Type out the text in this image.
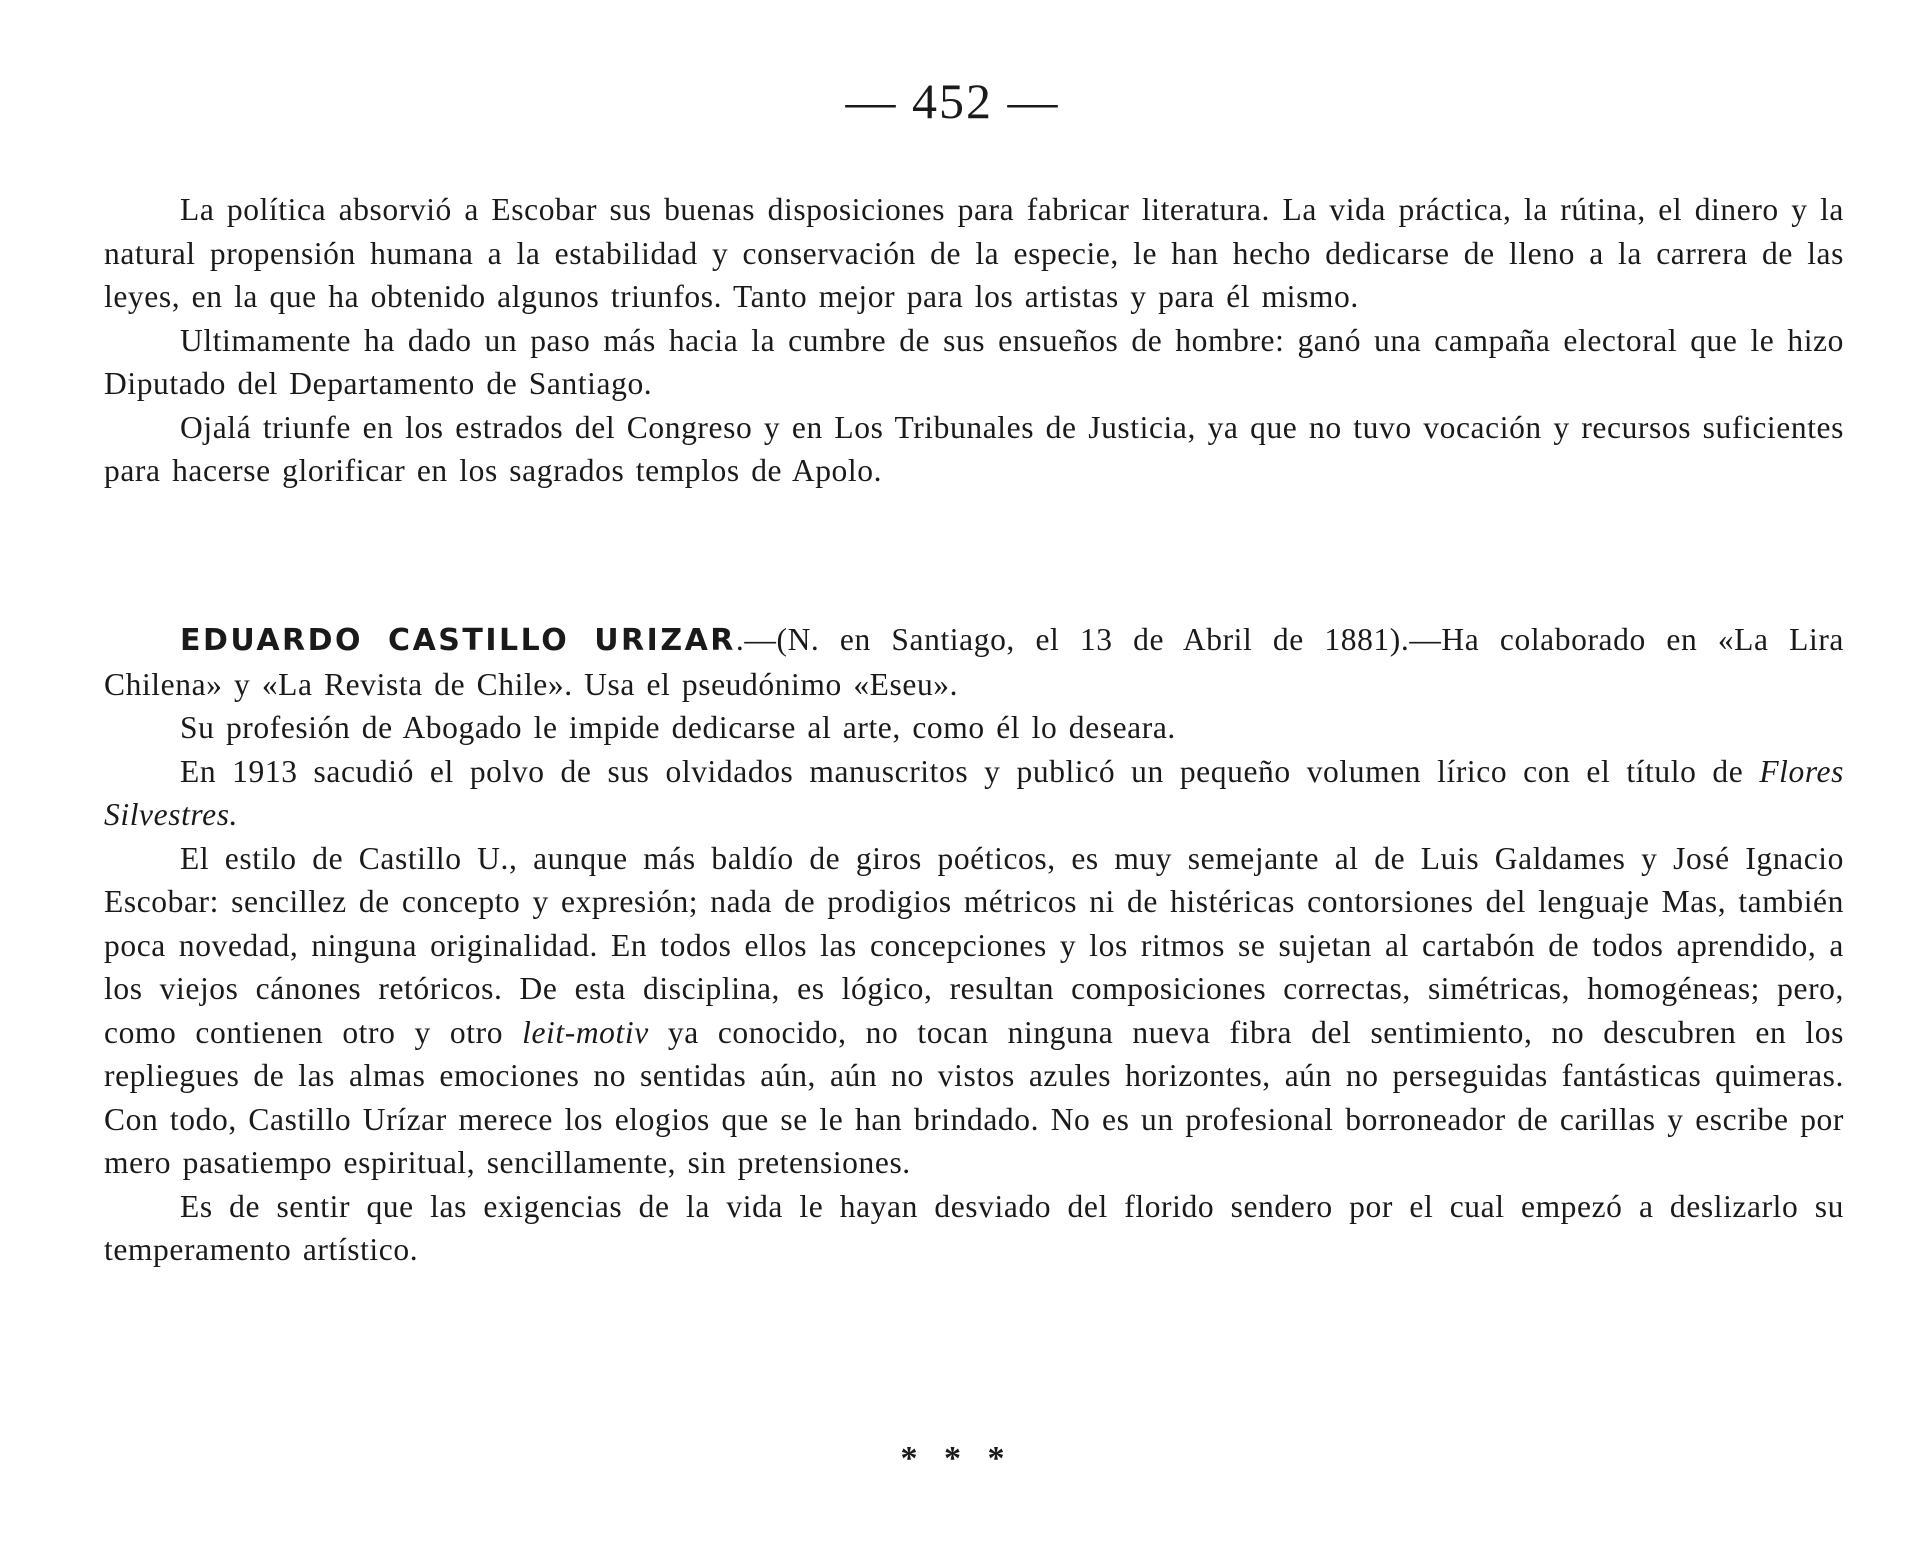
— 452 —

La política absorvió a Escobar sus buenas disposiciones para fabricar literatura. La vida práctica, la rútina, el dinero y la natural propensión humana a la estabilidad y conservación de la especie, le han hecho dedicarse de lleno a la carrera de las leyes, en la que ha obtenido algunos triunfos. Tanto mejor para los artistas y para él mismo.

Ultimamente ha dado un paso más hacia la cumbre de sus ensueños de hombre: ganó una campaña electoral que le hizo Diputado del Departamento de Santiago.

Ojalá triunfe en los estrados del Congreso y en Los Tribunales de Justicia, ya que no tuvo vocación y recursos suficientes para hacerse glorificar en los sagrados templos de Apolo.

EDUARDO CASTILLO URIZAR.—(N. en Santiago, el 13 de Abril de 1881).—Ha colaborado en «La Lira Chilena» y «La Revista de Chile». Usa el pseudónimo «Eseu».

Su profesión de Abogado le impide dedicarse al arte, como él lo deseara.

En 1913 sacudió el polvo de sus olvidados manuscritos y publicó un pequeño volumen lírico con el título de Flores Silvestres.

El estilo de Castillo U., aunque más baldío de giros poéticos, es muy semejante al de Luis Galdames y José Ignacio Escobar: sencillez de concepto y expresión; nada de prodigios métricos ni de histéricas contorsiones del lenguaje Mas, también poca novedad, ninguna originalidad. En todos ellos las concepciones y los ritmos se sujetan al cartabón de todos aprendido, a los viejos cánones retóricos. De esta disciplina, es lógico, resultan composiciones correctas, simétricas, homogéneas; pero, como contienen otro y otro leit-motiv ya conocido, no tocan ninguna nueva fibra del sentimiento, no descubren en los repliegues de las almas emociones no sentidas aún, aún no vistos azules horizontes, aún no perseguidas fantásticas quimeras. Con todo, Castillo Urízar merece los elogios que se le han brindado. No es un profesional borroneador de carillas y escribe por mero pasatiempo espiritual, sencillamente, sin pretensiones.

Es de sentir que las exigencias de la vida le hayan desviado del florido sendero por el cual empezó a deslizarlo su temperamento artístico.

* * *
